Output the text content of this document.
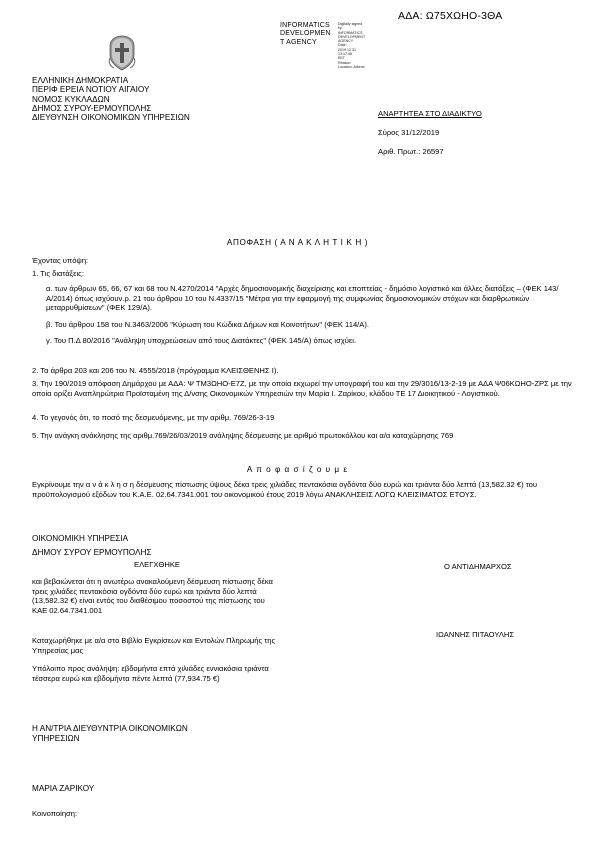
ΑΔΑ: Ω75ΧΩΗΟ-3ΘΑ
INFORMATICS
DEVELOPMEN
T AGENCY
Digitally signed by
INFORMATICS
DEVELOPMENT AGENCY
Date: 2019.12.31 13:17:45
EET
Reason:
Location: Athens
ΕΛΛΗΝΙΚΗ ΔΗΜΟΚΡΑΤΙΑ
ΠΕΡΙΦ ΕΡΕΙΑ ΝΟΤΙΟΥ ΑΙΓΑΙΟΥ
ΝΟΜΟΣ ΚΥΚΛΑΔΩΝ
ΔΗΜΟΣ ΣΥΡΟΥ-ΕΡΜΟΥΠΟΛΗΣ
ΔΙΕΥΘΥΝΣΗ ΟΙΚΟΝΟΜΙΚΩΝ ΥΠΗΡΕΣΙΩΝ	ΑΝΑΡΤΗΤΕΑ ΣΤΟ ΔΙΑΔΙΚΤΥΟ
Σύρος 31/12/2019
Αριθ. Πρωτ.: 26597
ΑΠΟΦΑΣΗ ( Α Ν Α Κ Λ Η Τ Ι Κ Η )
Έχοντας υπόψη:
1. Τις διατάξεις:
α. των άρθρων 65, 66, 67 και 68 του Ν.4270/2014 "Αρχές δημοσιονομικής διαχείρισης και εποπτείας - δημόσιο λογιστικό και άλλες διατάξεις – (ΦΕΚ 143/Α/2014) όπως ισχύουν.ρ. 21 του άρθρου 10 του Ν.4337/15 "Μέτρα για την εφαρμογή της συμφωνίας δημοσιονομικών στόχων και διαρθρωτικών μεταρρυθμίσεων" (ΦΕΚ 129/Α).
β. Του άρθρου 158 του Ν.3463/2006 "Κύρωση του Κώδικα Δήμων και Κοινοτήτων" (ΦΕΚ 114/Α).
γ. Του Π.Δ 80/2016 "Ανάληψη υποχρεώσεων από τους Διατάκτες" (ΦΕΚ 145/Α) όπως ισχύει.
2. Τα άρθρα 203 και 206 του Ν. 4555/2018 (πρόγραμμα ΚΛΕΙΣΘΕΝΗΣ Ι).
3. Την 190/2019 απόφαση Δημάρχου με ΑΔΑ: Ψ ΤΜ3ΩΗΟ-Ε7Ζ, με την οποία εκχωρεί την υπογραφή του και την 29/3016/13-2-19 με ΑΔΑ Ψ06ΚΩΗΟ-ΖΡΣ με την οποία ορίζει Αναπληρώτρια Προϊσταμένη της Δ/νσης Οικονομικών Υπηρεσιών την Μαρία Ι. Ζαρίκου, κλάδου ΤΕ 17 Διοικητικού - Λογιστικού.
4. Το γεγονός ότι, το ποσό της δεσμευόμενης, με την αριθμ. 769/26-3-19
5. Την ανάγκη ανάκλησης της αριθμ.769/26/03/2019 ανάληψης δέσμευσης με αριθμό πρωτοκόλλου και α/α καταχώρησης 769
Α π ο φ α σ ί ζ ο υ μ ε
Εγκρίνουμε την α ν ά κ λ η σ η δέσμευσης πίστωσης ύψους δέκα τρεις χιλιάδες πεντακόσια ογδόντα δύο ευρώ και τριάντα δύο λεπτά (13,582.32 €) του προϋπολογισμού εξόδων του Κ.Α.Ε. 02.64.7341.001 του οικονομικού έτους 2019 λόγω ΑΝΑΚΛΗΣΕΙΣ ΛΟΓΩ ΚΛΕΙΣΙΜΑΤΟΣ ΕΤΟΥΣ.
ΟΙΚΟΝΟΜΙΚΗ ΥΠΗΡΕΣΙΑ
ΔΗΜΟΥ ΣΥΡΟΥ ΕΡΜΟΥΠΟΛΗΣ
ΕΛΕΓΧΘΗΚΕ
και βεβαιώνεται ότι η ανωτέρω ανακαλούμενη δέσμευση πίστωσης δέκα τρεις χιλιάδες πεντακόσια ογδόντα δύο ευρώ και τριάντα δύο λεπτά (13,582.32 €) είναι εντός του διαθέσιμου ποσοστού της πίστωσης του ΚΑΕ 02.64.7341.001
Καταχωρήθηκε με α/α στο Βιβλίο Εγκρίσεων και Εντολών Πληρωμής της Υπηρεσίας μας
Υπόλοιπο προς ανάληψη: εβδομήντα επτά χιλιάδες εννιακόσια τριάντα τέσσερα ευρώ και εβδομήντα πέντε λεπτά (77,934.75 €)
Ο ΑΝΤΙΔΗΜΑΡΧΟΣ
ΙΩΑΝΝΗΣ ΠΙΤΑΟΥΛΗΣ
Η ΑΝ/ΤΡΙΑ ΔΙΕΥΘΥΝΤΡΙΑ ΟΙΚΟΝΟΜΙΚΩΝ
ΥΠΗΡΕΣΙΩΝ
ΜΑΡΙΑ ΖΑΡΙΚΟΥ
Κοινοποίηση:
